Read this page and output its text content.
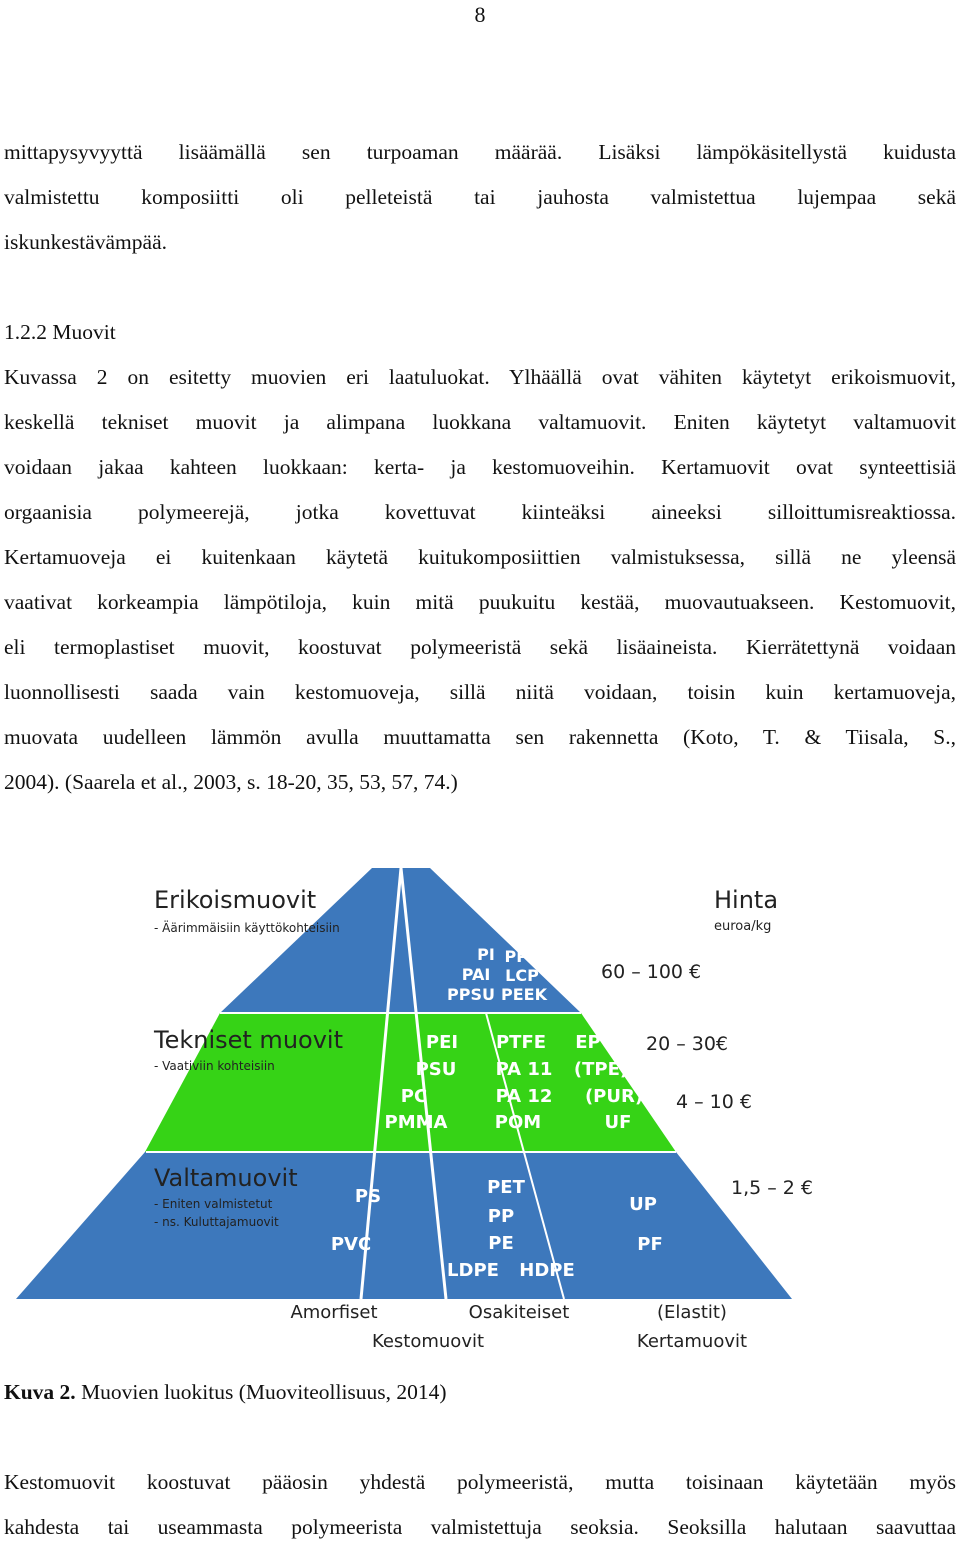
8
mittapysyvyyttä lisäämällä sen turpoaman määrää. Lisäksi lämpökäsitellystä kuidusta
valmistettu komposiitti oli pelleteistä tai jauhosta valmistettua lujempaa sekä
iskunkestävämpää.
1.2.2 Muovit
Kuvassa 2 on esitetty muovien eri laatuluokat. Ylhäällä ovat vähiten käytetyt erikoismuovit,
keskellä tekniset muovit ja alimpana luokkana valtamuovit. Eniten käytetyt valtamuovit
voidaan jakaa kahteen luokkaan: kerta- ja kestomuoveihin. Kertamuovit ovat synteettisiä
orgaanisia polymeerejä, jotka kovettuvat kiinteäksi aineeksi silloittumisreaktiossa.
Kertamuoveja ei kuitenkaan käytetä kuitukomposiittien valmistuksessa, sillä ne yleensä
vaativat korkeampia lämpötiloja, kuin mitä puukuitu kestää, muovautuakseen. Kestomuovit,
eli termoplastiset muovit, koostuvat polymeeristä sekä lisäaineista. Kierrätettynä voidaan
luonnollisesti saada vain kestomuoveja, sillä niitä voidaan, toisin kuin kertamuoveja,
muovata uudelleen lämmön avulla muuttamatta sen rakennetta (Koto, T. & Tiisala, S.,
2004). (Saarela et al., 2003, s. 18-20, 35, 53, 57, 74.)
Erikoismuovit
- Äärimmäisiin käyttökohteisiin
Tekniset muovit
- Vaativiin kohteisiin
Valtamuovit
- Eniten valmistetut
- ns. Kuluttajamuovit
Hinta
euroa/kg
60 – 100 €
20 – 30€
4 – 10 €
1,5 – 2 €
PI
PAI
PPSU
PPS
LCP
PEEK
PEI
PSU
PC
PMMA
PTFE
PA 11
PA 12
POM
EP
(TPE)
(PUR)
UF
PS
PVC
PET
PP
PE
LDPE HDPE
UP
PF
Amorfiset	Osakiteiset	(Elastit)
Kestomuovit	Kertamuovit
Kuva 2. Muovien luokitus (Muoviteollisuus, 2014)
Kestomuovit koostuvat pääosin yhdestä polymeeristä, mutta toisinaan käytetään myös
kahdesta tai useammasta polymeerista valmistettuja seoksia. Seoksilla halutaan saavuttaa
